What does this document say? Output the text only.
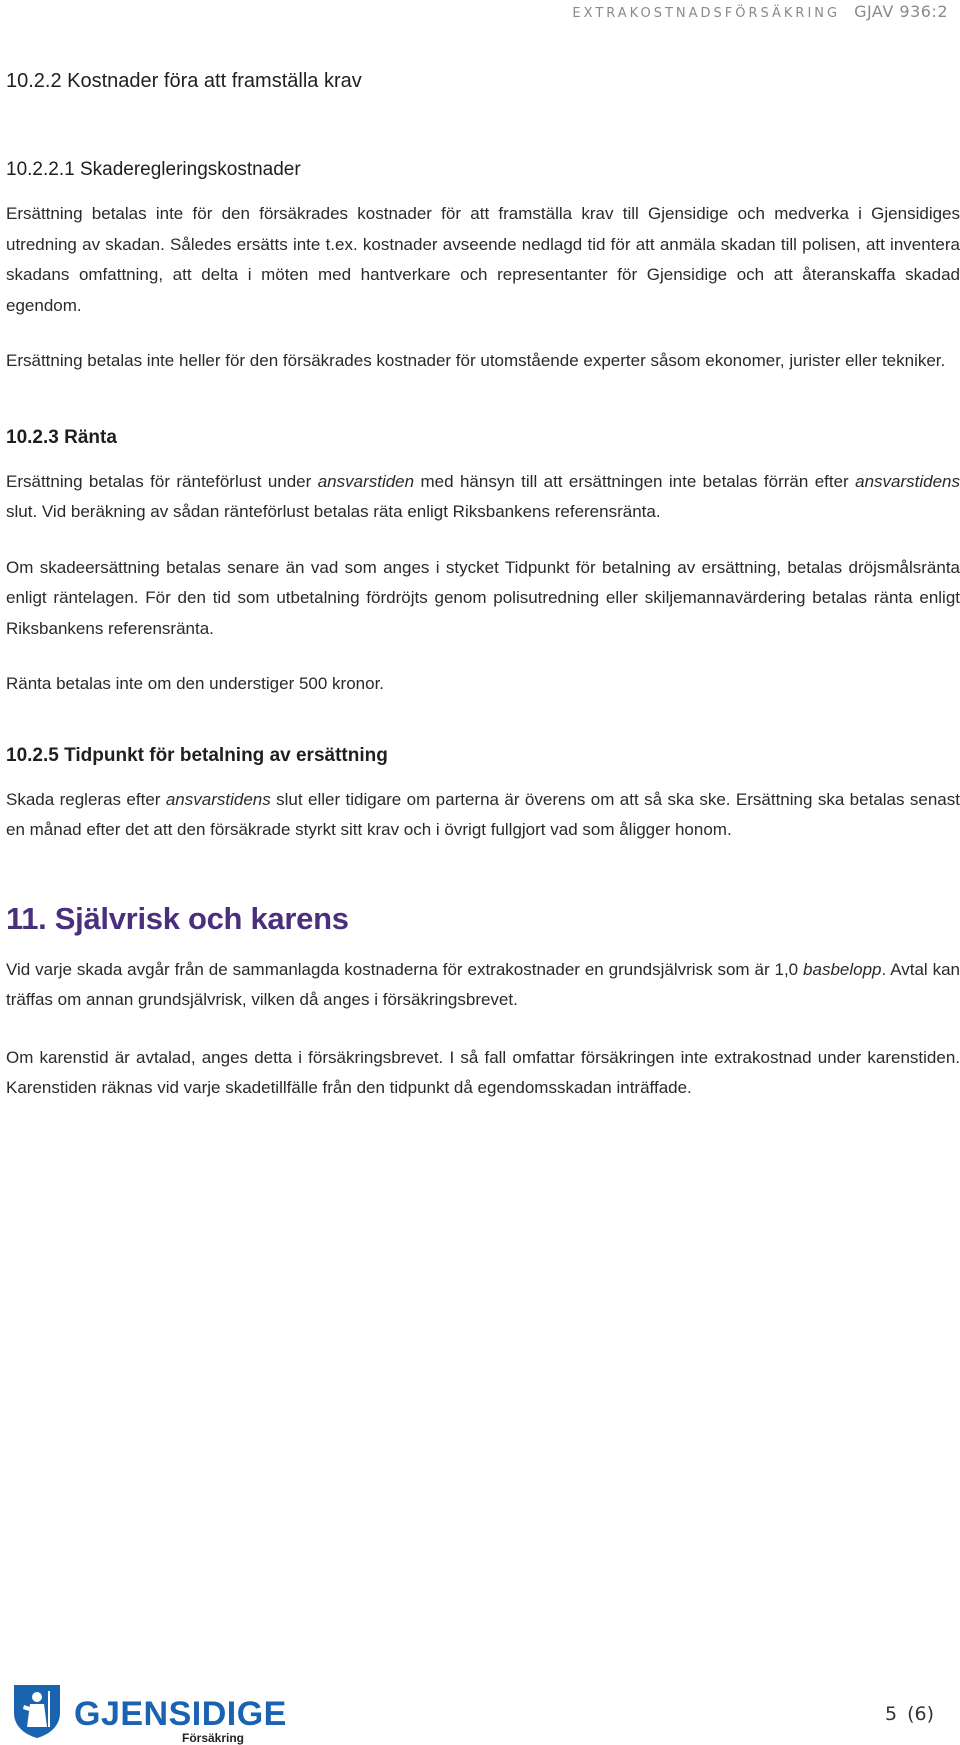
EXTRAKOSTNADSFÖRSÄKRING GJAV 936:2
10.2.2 Kostnader föra att framställa krav
10.2.2.1 Skaderegleringskostnader

Ersättning betalas inte för den försäkrades kostnader för att framställa krav till Gjensidige och medverka i Gjensidiges utredning av skadan. Således ersätts inte t.ex. kostnader avseende nedlagd tid för att anmäla skadan till polisen, att inventera skadans omfattning, att delta i möten med hantverkare och representanter för Gjensidige och att återanskaffa skadad egendom.

Ersättning betalas inte heller för den försäkrades kostnader för utomstående experter såsom ekonomer, jurister eller tekniker.

10.2.3 Ränta

Ersättning betalas för ränteförlust under ansvarstiden med hänsyn till att ersättningen inte betalas förrän efter ansvarstidens slut. Vid beräkning av sådan ränteförlust betalas räta enligt Riksbankens referensränta.

Om skadeersättning betalas senare än vad som anges i stycket Tidpunkt för betalning av ersättning, betalas dröjsmålsränta enligt räntelagen. För den tid som utbetalning fördröjts genom polisutredning eller skiljemannavärdering betalas ränta enligt Riksbankens referensränta.

Ränta betalas inte om den understiger 500 kronor.

10.2.5 Tidpunkt för betalning av ersättning

Skada regleras efter ansvarstidens slut eller tidigare om parterna är överens om att så ska ske. Ersättning ska betalas senast en månad efter det att den försäkrade styrkt sitt krav och i övrigt fullgjort vad som åligger honom.

11. Självrisk och karens

Vid varje skada avgår från de sammanlagda kostnaderna för extrakostnader en grundsjälvrisk som är 1,0 basbelopp. Avtal kan träffas om annan grundsjälvrisk, vilken då anges i försäkringsbrevet.

Om karenstid är avtalad, anges detta i försäkringsbrevet. I så fall omfattar försäkringen inte extrakostnad under karenstiden. Karenstiden räknas vid varje skadetillfälle från den tidpunkt då egendomsskadan inträffade.

GJENSIDIGE
Försäkring
5 (6)
